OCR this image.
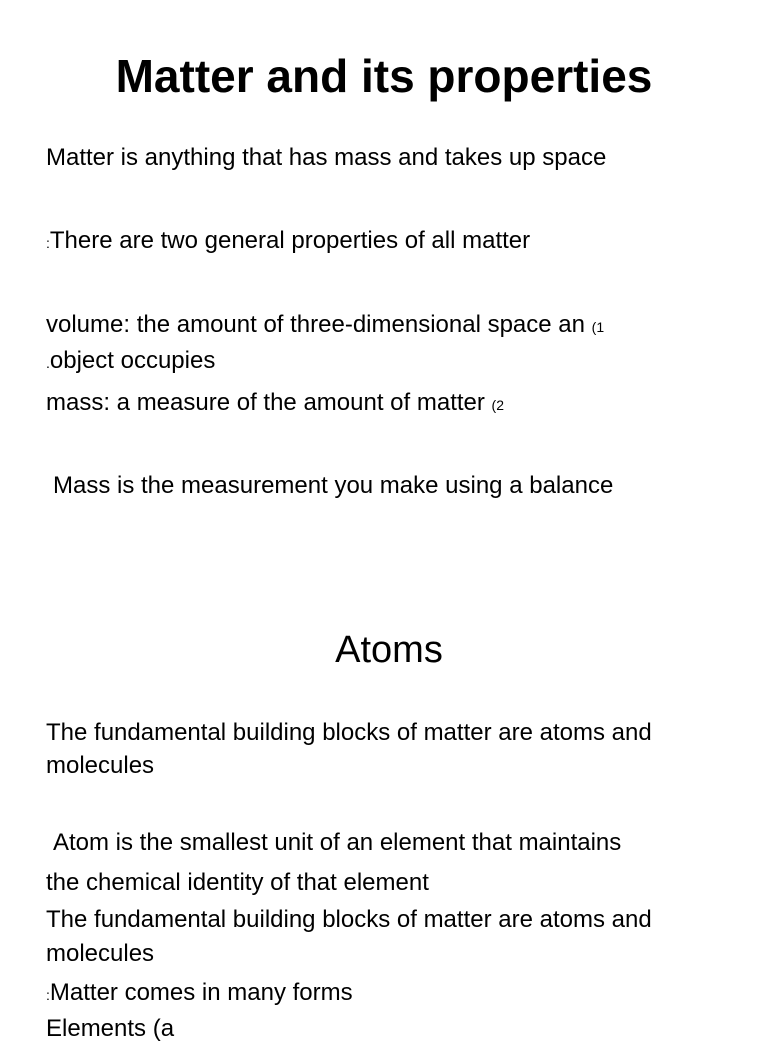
Matter and its properties
Matter is anything that has mass and takes up space
:There are two general properties of all matter
volume: the amount of three-dimensional space an (1
.object occupies
mass: a measure of the amount of matter (2
Mass is the measurement you make using a balance
Atoms
The fundamental building blocks of matter are atoms and
molecules
Atom is the smallest unit of an element that maintains
the chemical identity of that element
The fundamental building blocks of matter are atoms and
molecules
:Matter comes in many forms
Elements (a
